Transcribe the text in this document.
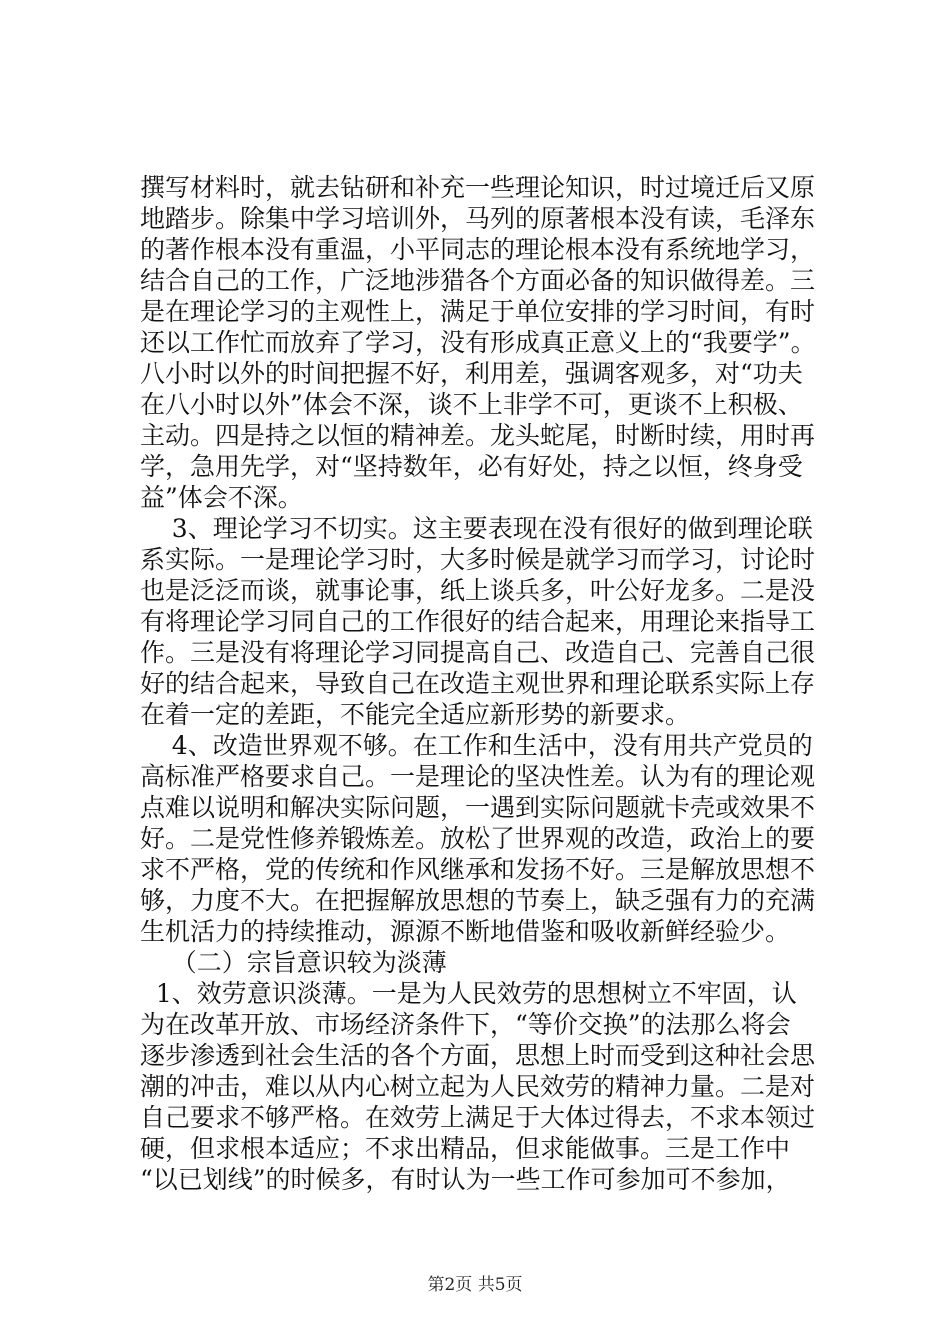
撰写材料时，就去钻研和补充一些理论知识，时过境迁后又原
地踏步。除集中学习培训外，马列的原著根本没有读，毛泽东
的著作根本没有重温，小平同志的理论根本没有系统地学习，
结合自己的工作，广泛地涉猎各个方面必备的知识做得差。三
是在理论学习的主观性上，满足于单位安排的学习时间，有时
还以工作忙而放弃了学习，没有形成真正意义上的“我要学”。
八小时以外的时间把握不好，利用差，强调客观多，对“功夫
在八小时以外”体会不深，谈不上非学不可，更谈不上积极、
主动。四是持之以恒的精神差。龙头蛇尾，时断时续，用时再
学，急用先学，对“坚持数年，必有好处，持之以恒，终身受
益”体会不深。
3、理论学习不切实。这主要表现在没有很好的做到理论联
系实际。一是理论学习时，大多时候是就学习而学习，讨论时
也是泛泛而谈，就事论事，纸上谈兵多，叶公好龙多。二是没
有将理论学习同自己的工作很好的结合起来，用理论来指导工
作。三是没有将理论学习同提高自己、改造自己、完善自己很
好的结合起来，导致自己在改造主观世界和理论联系实际上存
在着一定的差距，不能完全适应新形势的新要求。
4、改造世界观不够。在工作和生活中，没有用共产党员的
高标准严格要求自己。一是理论的坚决性差。认为有的理论观
点难以说明和解决实际问题，一遇到实际问题就卡壳或效果不
好。二是党性修养锻炼差。放松了世界观的改造，政治上的要
求不严格，党的传统和作风继承和发扬不好。三是解放思想不
够，力度不大。在把握解放思想的节奏上，缺乏强有力的充满
生机活力的持续推动，源源不断地借鉴和吸收新鲜经验少。
（二）宗旨意识较为淡薄
1、效劳意识淡薄。一是为人民效劳的思想树立不牢固，认
为在改革开放、市场经济条件下，“等价交换”的法那么将会
逐步渗透到社会生活的各个方面，思想上时而受到这种社会思
潮的冲击，难以从内心树立起为人民效劳的精神力量。二是对
自己要求不够严格。在效劳上满足于大体过得去，不求本领过
硬，但求根本适应；不求出精品，但求能做事。三是工作中
“以已划线”的时候多，有时认为一些工作可参加可不参加，
第2页 共5页
